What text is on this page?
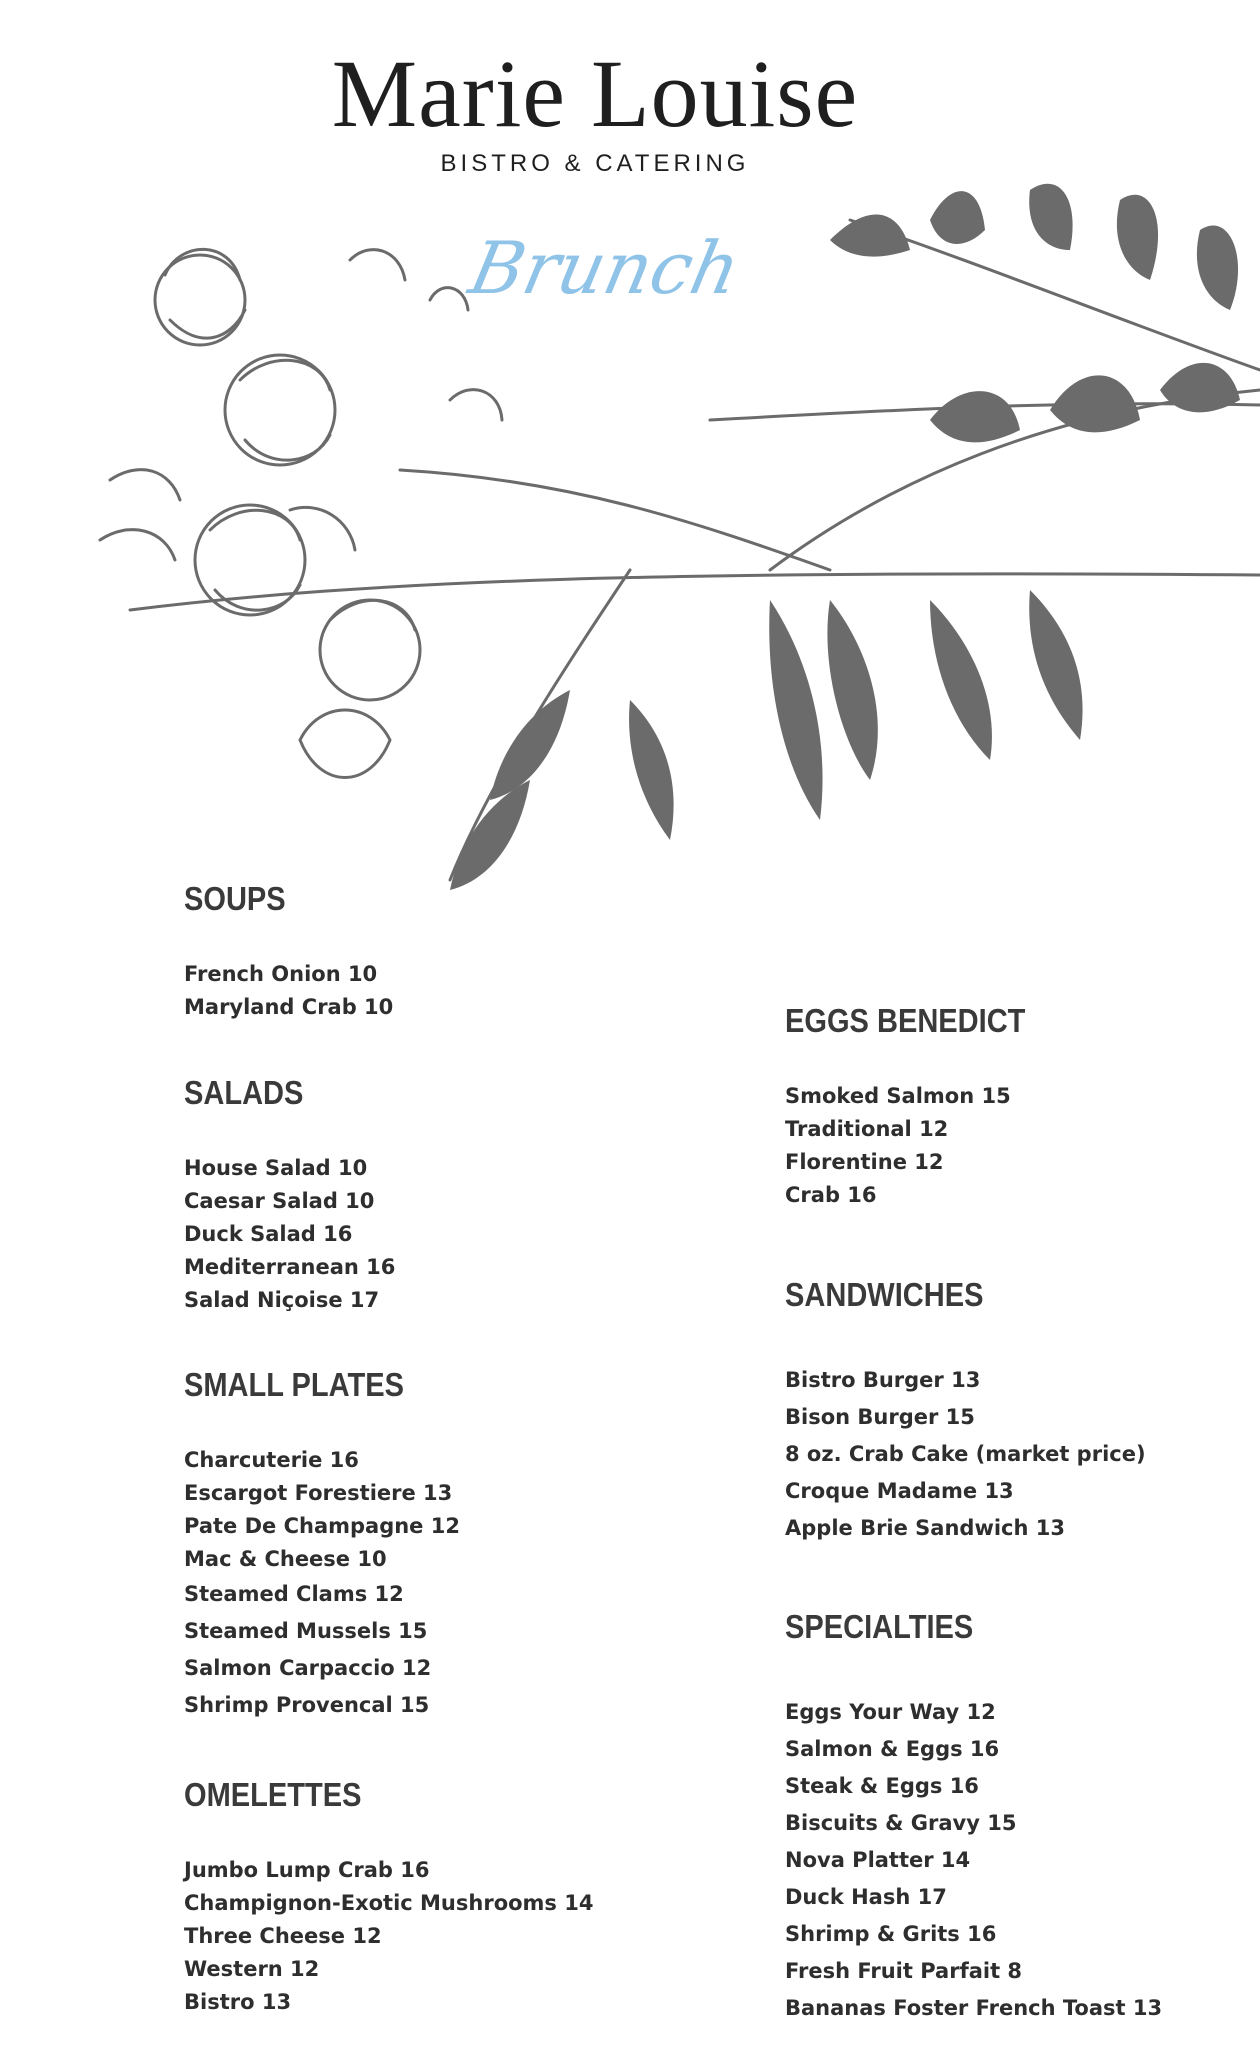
Marie Louise
BISTRO & CATERING
Brunch
SOUPS
French Onion 10
Maryland Crab 10
SALADS
House Salad 10
Caesar Salad 10
Duck Salad 16
Mediterranean 16
Salad Niçoise 17
SMALL PLATES
Charcuterie 16
Escargot Forestiere 13
Pate De Champagne 12
Mac & Cheese 10
Steamed Clams 12
Steamed Mussels 15
Salmon Carpaccio 12
Shrimp Provencal 15
OMELETTES
Jumbo Lump Crab 16
Champignon-Exotic Mushrooms 14
Three Cheese 12
Western 12
Bistro 13
EGGS BENEDICT
Smoked Salmon 15
Traditional 12
Florentine 12
Crab 16
SANDWICHES
Bistro Burger 13
Bison Burger 15
8 oz. Crab Cake (market price)
Croque Madame 13
Apple Brie Sandwich 13
SPECIALTIES
Eggs Your Way 12
Salmon & Eggs 16
Steak & Eggs 16
Biscuits & Gravy 15
Nova Platter 14
Duck Hash 17
Shrimp & Grits 16
Fresh Fruit Parfait 8
Bananas Foster French Toast 13
